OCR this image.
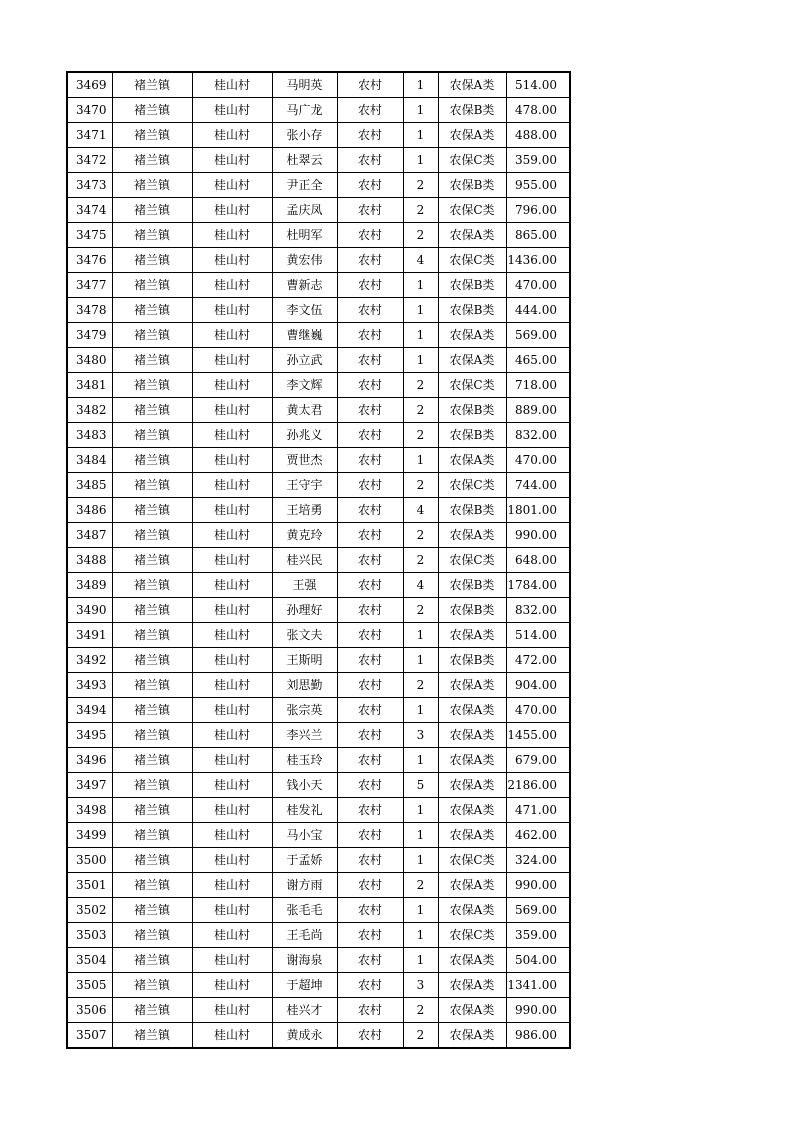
3469	褚兰镇	桂山村	马明英	农村	1	农保A类	514.00
3470	褚兰镇	桂山村	马广龙	农村	1	农保B类	478.00
3471	褚兰镇	桂山村	张小存	农村	1	农保A类	488.00
3472	褚兰镇	桂山村	杜翠云	农村	1	农保C类	359.00
3473	褚兰镇	桂山村	尹正全	农村	2	农保B类	955.00
3474	褚兰镇	桂山村	孟庆凤	农村	2	农保C类	796.00
3475	褚兰镇	桂山村	杜明军	农村	2	农保A类	865.00
3476	褚兰镇	桂山村	黄宏伟	农村	4	农保C类	1436.00
3477	褚兰镇	桂山村	曹新志	农村	1	农保B类	470.00
3478	褚兰镇	桂山村	李文伍	农村	1	农保B类	444.00
3479	褚兰镇	桂山村	曹继巍	农村	1	农保A类	569.00
3480	褚兰镇	桂山村	孙立武	农村	1	农保A类	465.00
3481	褚兰镇	桂山村	李文辉	农村	2	农保C类	718.00
3482	褚兰镇	桂山村	黄太君	农村	2	农保B类	889.00
3483	褚兰镇	桂山村	孙兆义	农村	2	农保B类	832.00
3484	褚兰镇	桂山村	贾世杰	农村	1	农保A类	470.00
3485	褚兰镇	桂山村	王守宇	农村	2	农保C类	744.00
3486	褚兰镇	桂山村	王培勇	农村	4	农保B类	1801.00
3487	褚兰镇	桂山村	黄克玲	农村	2	农保A类	990.00
3488	褚兰镇	桂山村	桂兴民	农村	2	农保C类	648.00
3489	褚兰镇	桂山村	王强	农村	4	农保B类	1784.00
3490	褚兰镇	桂山村	孙理好	农村	2	农保B类	832.00
3491	褚兰镇	桂山村	张文夫	农村	1	农保A类	514.00
3492	褚兰镇	桂山村	王斯明	农村	1	农保B类	472.00
3493	褚兰镇	桂山村	刘思勤	农村	2	农保A类	904.00
3494	褚兰镇	桂山村	张宗英	农村	1	农保A类	470.00
3495	褚兰镇	桂山村	李兴兰	农村	3	农保A类	1455.00
3496	褚兰镇	桂山村	桂玉玲	农村	1	农保A类	679.00
3497	褚兰镇	桂山村	钱小天	农村	5	农保A类	2186.00
3498	褚兰镇	桂山村	桂发礼	农村	1	农保A类	471.00
3499	褚兰镇	桂山村	马小宝	农村	1	农保A类	462.00
3500	褚兰镇	桂山村	于孟娇	农村	1	农保C类	324.00
3501	褚兰镇	桂山村	谢方雨	农村	2	农保A类	990.00
3502	褚兰镇	桂山村	张毛毛	农村	1	农保A类	569.00
3503	褚兰镇	桂山村	王毛尚	农村	1	农保C类	359.00
3504	褚兰镇	桂山村	谢海泉	农村	1	农保A类	504.00
3505	褚兰镇	桂山村	于超坤	农村	3	农保A类	1341.00
3506	褚兰镇	桂山村	桂兴才	农村	2	农保A类	990.00
3507	褚兰镇	桂山村	黄成永	农村	2	农保A类	986.00
